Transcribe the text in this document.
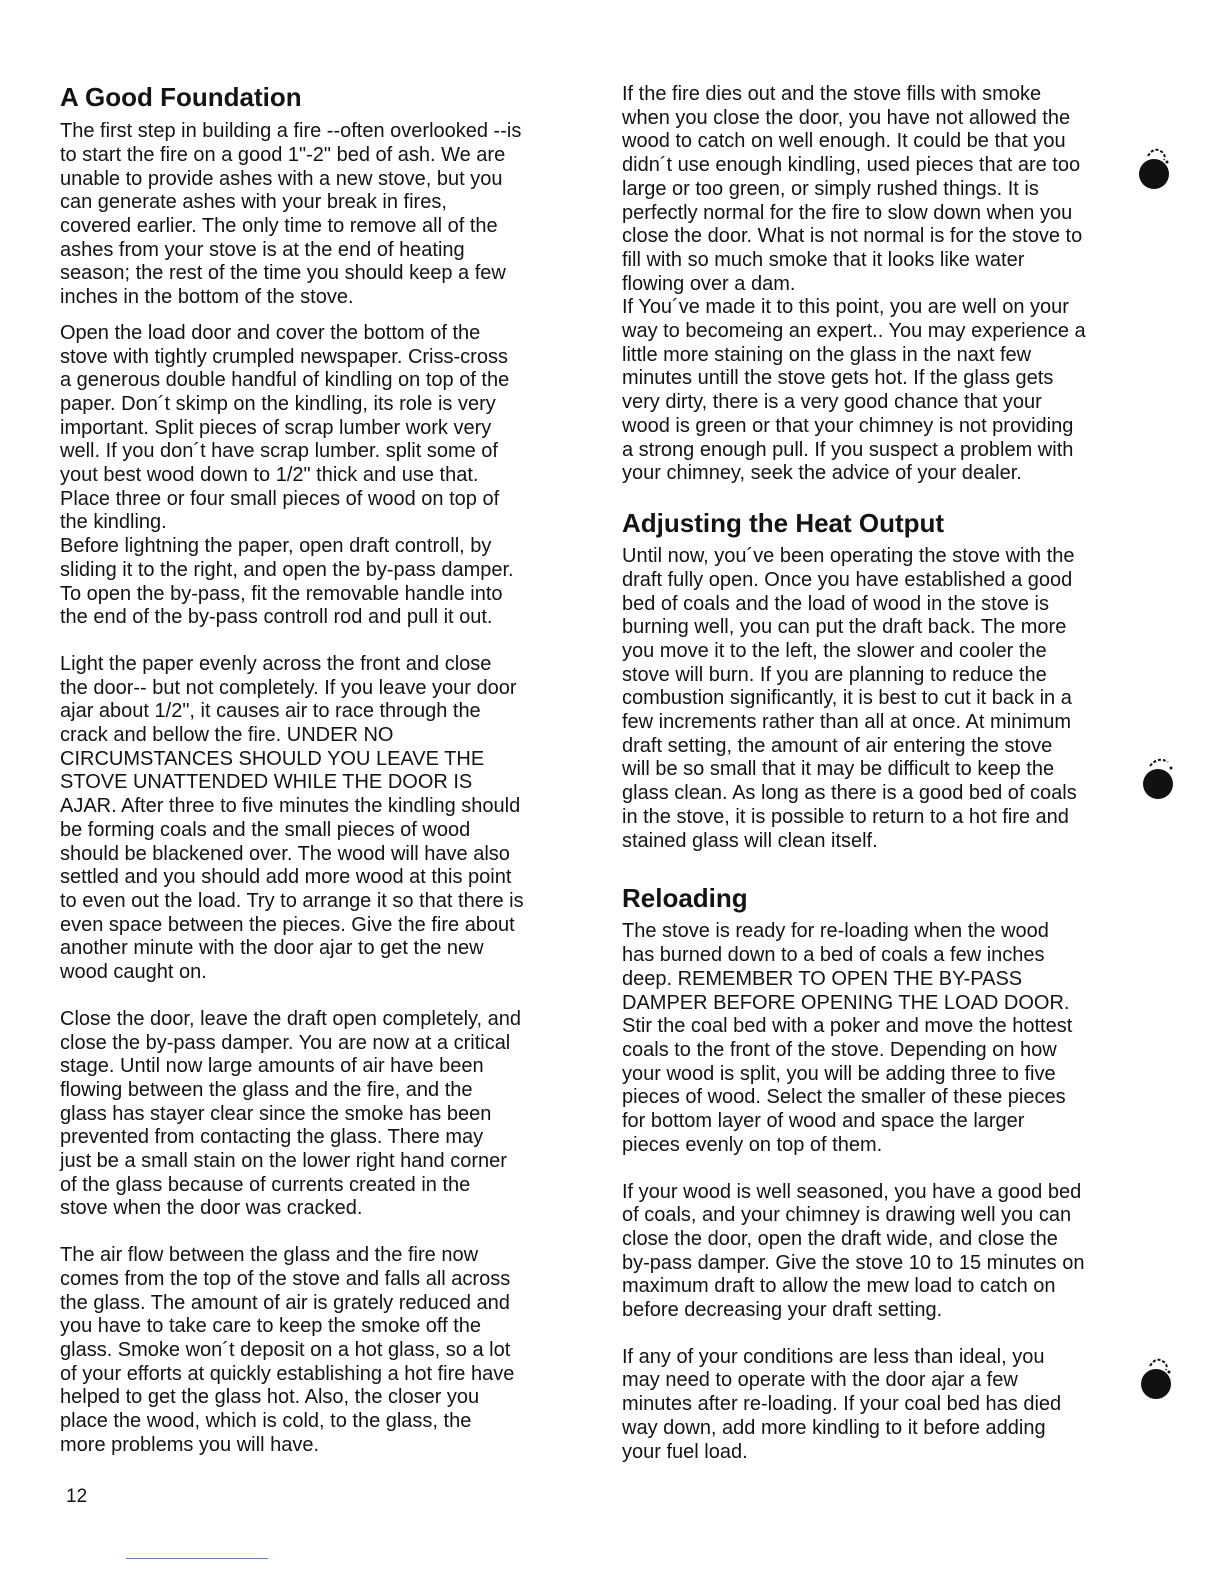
A Good Foundation

The first step in building a fire --often overlooked --is
to start the fire on a good 1"-2" bed of ash. We are
unable to provide ashes with a new stove, but you
can generate ashes with your break in fires,
covered earlier. The only time to remove all of the
ashes from your stove is at the end of heating
season; the rest of the time you should keep a few
inches in the bottom of the stove.

Open the load door and cover the bottom of the
stove with tightly crumpled newspaper. Criss-cross
a generous double handful of kindling on top of the
paper. Don´t skimp on the kindling, its role is very
important. Split pieces of scrap lumber work very
well. If you don´t have scrap lumber. split some of
yout best wood down to 1/2" thick and use that.
Place three or four small pieces of wood on top of
the kindling.
Before lightning the paper, open draft controll, by
sliding it to the right, and open the by-pass damper.
To open the by-pass, fit the removable handle into
the end of the by-pass controll rod and pull it out.

Light the paper evenly across the front and close
the door-- but not completely. If you leave your door
ajar about 1/2", it causes air to race through the
crack and bellow the fire. UNDER NO
CIRCUMSTANCES SHOULD YOU LEAVE THE
STOVE UNATTENDED WHILE THE DOOR IS
AJAR. After three to five minutes the kindling should
be forming coals and the small pieces of wood
should be blackened over. The wood will have also
settled and you should add more wood at this point
to even out the load. Try to arrange it so that there is
even space between the pieces. Give the fire about
another minute with the door ajar to get the new
wood caught on.

Close the door, leave the draft open completely, and
close the by-pass damper. You are now at a critical
stage. Until now large amounts of air have been
flowing between the glass and the fire, and the
glass has stayer clear since the smoke has been
prevented from contacting the glass. There may
just be a small stain on the lower right hand corner
of the glass because of currents created in the
stove when the door was cracked.

The air flow between the glass and the fire now
comes from the top of the stove and falls all across
the glass. The amount of air is grately reduced and
you have to take care to keep the smoke off the
glass. Smoke won´t deposit on a hot glass, so a lot
of your efforts at quickly establishing a hot fire have
helped to get the glass hot. Also, the closer you
place the wood, which is cold, to the glass, the
more problems you will have.

If the fire dies out and the stove fills with smoke
when you close the door, you have not allowed the
wood to catch on well enough. It could be that you
didn´t use enough kindling, used pieces that are too
large or too green, or simply rushed things. It is
perfectly normal for the fire to slow down when you
close the door. What is not normal is for the stove to
fill with so much smoke that it looks like water
flowing over a dam.
If You´ve made it to this point, you are well on your
way to becomeing an expert.. You may experience a
little more staining on the glass in the naxt few
minutes untill the stove gets hot. If the glass gets
very dirty, there is a very good chance that your
wood is green or that your chimney is not providing
a strong enough pull. If you suspect a problem with
your chimney, seek the advice of your dealer.

Adjusting the Heat Output

Until now, you´ve been operating the stove with the
draft fully open. Once you have established a good
bed of coals and the load of wood in the stove is
burning well, you can put the draft back. The more
you move it to the left, the slower and cooler the
stove will burn. If you are planning to reduce the
combustion significantly, it is best to cut it back in a
few increments rather than all at once. At minimum
draft setting, the amount of air entering the stove
will be so small that it may be difficult to keep the
glass clean. As long as there is a good bed of coals
in the stove, it is possible to return to a hot fire and
stained glass will clean itself.

Reloading

The stove is ready for re-loading when the wood
has burned down to a bed of coals a few inches
deep. REMEMBER TO OPEN THE BY-PASS
DAMPER BEFORE OPENING THE LOAD DOOR.
Stir the coal bed with a poker and move the hottest
coals to the front of the stove. Depending on how
your wood is split, you will be adding three to five
pieces of wood. Select the smaller of these pieces
for bottom layer of wood and space the larger
pieces evenly on top of them.

If your wood is well seasoned, you have a good bed
of coals, and your chimney is drawing well you can
close the door, open the draft wide, and close the
by-pass damper. Give the stove 10 to 15 minutes on
maximum draft to allow the mew load to catch on
before decreasing your draft setting.

If any of your conditions are less than ideal, you
may need to operate with the door ajar a few
minutes after re-loading. If your coal bed has died
way down, add more kindling to it before adding
your fuel load.

12
